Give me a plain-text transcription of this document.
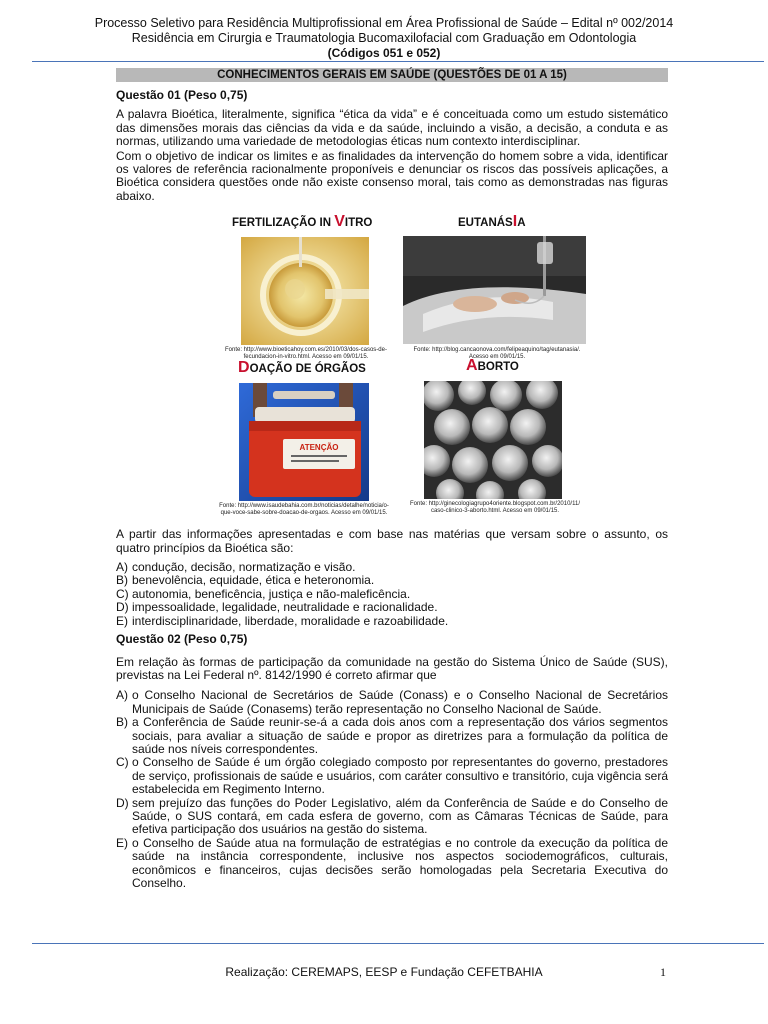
Processo Seletivo para Residência Multiprofissional em Área Profissional de Saúde – Edital nº 002/2014
Residência em Cirurgia e Traumatologia Bucomaxilofacial com Graduação em Odontologia
(Códigos 051 e 052)
CONHECIMENTOS GERAIS EM SAÚDE (QUESTÕES DE 01 A 15)
Questão 01 (Peso 0,75)
A palavra Bioética, literalmente, significa “ética da vida” e é conceituada como um estudo sistemático das dimensões morais das ciências da vida e da saúde, incluindo a visão, a decisão, a conduta e as normas, utilizando uma variedade de metodologias éticas num contexto interdisciplinar.
Com o objetivo de indicar os limites e as finalidades da intervenção do homem sobre a vida, identificar os valores de referência racionalmente proponíveis e denunciar os riscos das possíveis aplicações, a Bioética considera questões onde não existe consenso moral, tais como as demonstradas nas figuras abaixo.
FERTILIZAÇÃO IN VITRO
Fonte: http://www.bioeticahoy.com.es/2010/03/dos-casos-de-
fecundacion-in-vitro.html. Acesso em 09/01/15.
EUTANÁSIA
Fonte: http://blog.cancaonova.com/felipeaquino/tag/eutanasia/.
Acesso em 09/01/15.
DOAÇÃO DE ÓRGÃOS
ATENÇÃO
Fonte: http://www.isaudebahia.com.br/noticias/detalhe/noticia/o-
que-voce-sabe-sobre-doacao-de-orgaos. Acesso em 09/01/15.
ABORTO
Fonte: http://ginecologiagrupo4oriente.blogspot.com.br/2010/11/
caso-clinico-3-aborto.html. Acesso em 09/01/15.
A partir das informações apresentadas e com base nas matérias que versam sobre o assunto, os quatro princípios da Bioética são:
A) condução, decisão, normatização e visão.
B) benevolência, equidade, ética e heteronomia.
C) autonomia, beneficência, justiça e não-maleficência.
D) impessoalidade, legalidade, neutralidade e racionalidade.
E) interdisciplinaridade, liberdade, moralidade e razoabilidade.
Questão 02 (Peso 0,75)
Em relação às formas de participação da comunidade na gestão do Sistema Único de Saúde (SUS), previstas na Lei Federal nº. 8142/1990 é correto afirmar que
A) o Conselho Nacional de Secretários de Saúde (Conass) e o Conselho Nacional de Secretários Municipais de Saúde (Conasems) terão representação no Conselho Nacional de Saúde.
B) a Conferência de Saúde reunir-se-á a cada dois anos com a representação dos vários segmentos sociais, para avaliar a situação de saúde e propor as diretrizes para a formulação da política de saúde nos níveis correspondentes.
C) o Conselho de Saúde é um órgão colegiado composto por representantes do governo, prestadores de serviço, profissionais de saúde e usuários, com caráter consultivo e transitório, cuja vigência será estabelecida em Regimento Interno.
D) sem prejuízo das funções do Poder Legislativo, além da Conferência de Saúde e do Conselho de Saúde, o SUS contará, em cada esfera de governo, com as Câmaras Técnicas de Saúde, para efetiva participação dos usuários na gestão do sistema.
E) o Conselho de Saúde atua na formulação de estratégias e no controle da execução da política de saúde na instância correspondente, inclusive nos aspectos sociodemográficos, culturais, econômicos e financeiros, cujas decisões serão homologadas pela Secretaria Executiva do Conselho.
Realização: CEREMAPS, EESP e Fundação CEFETBAHIA	1
